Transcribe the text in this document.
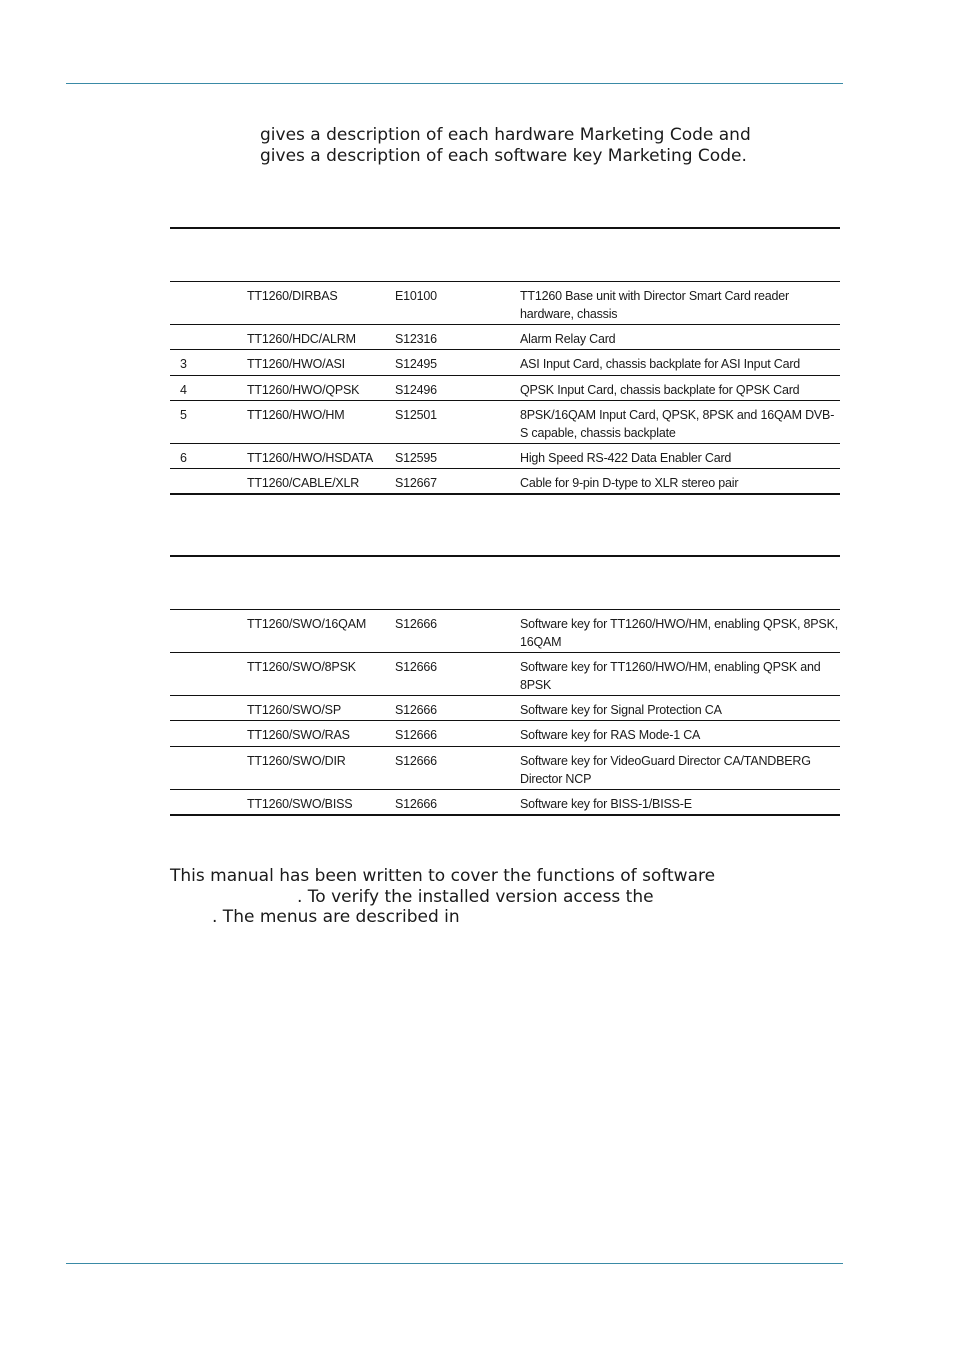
gives a description of each hardware Marketing Code and
gives a description of each software key Marketing Code.
TT1260/DIRBAS	E10100	TT1260 Base unit with Director Smart Card reader hardware, chassis
TT1260/HDC/ALRM	S12316	Alarm Relay Card
3	TT1260/HWO/ASI	S12495	ASI Input Card, chassis backplate for ASI Input Card
4	TT1260/HWO/QPSK	S12496	QPSK Input Card, chassis backplate for QPSK Card
5	TT1260/HWO/HM	S12501	8PSK/16QAM Input Card, QPSK, 8PSK and 16QAM DVB-S capable, chassis backplate
6	TT1260/HWO/HSDATA S12595	High Speed RS-422 Data Enabler Card
TT1260/CABLE/XLR	S12667	Cable for 9-pin D-type to XLR stereo pair
TT1260/SWO/16QAM S12666	Software key for TT1260/HWO/HM, enabling QPSK, 8PSK, 16QAM
TT1260/SWO/8PSK	S12666	Software key for TT1260/HWO/HM, enabling QPSK and 8PSK
TT1260/SWO/SP	S12666	Software key for Signal Protection CA
TT1260/SWO/RAS	S12666	Software key for RAS Mode-1 CA
TT1260/SWO/DIR	S12666	Software key for VideoGuard Director CA/TANDBERG Director NCP
TT1260/SWO/BISS	S12666	Software key for BISS-1/BISS-E
This manual has been written to cover the functions of software
. To verify the installed version access the
. The menus are described in
